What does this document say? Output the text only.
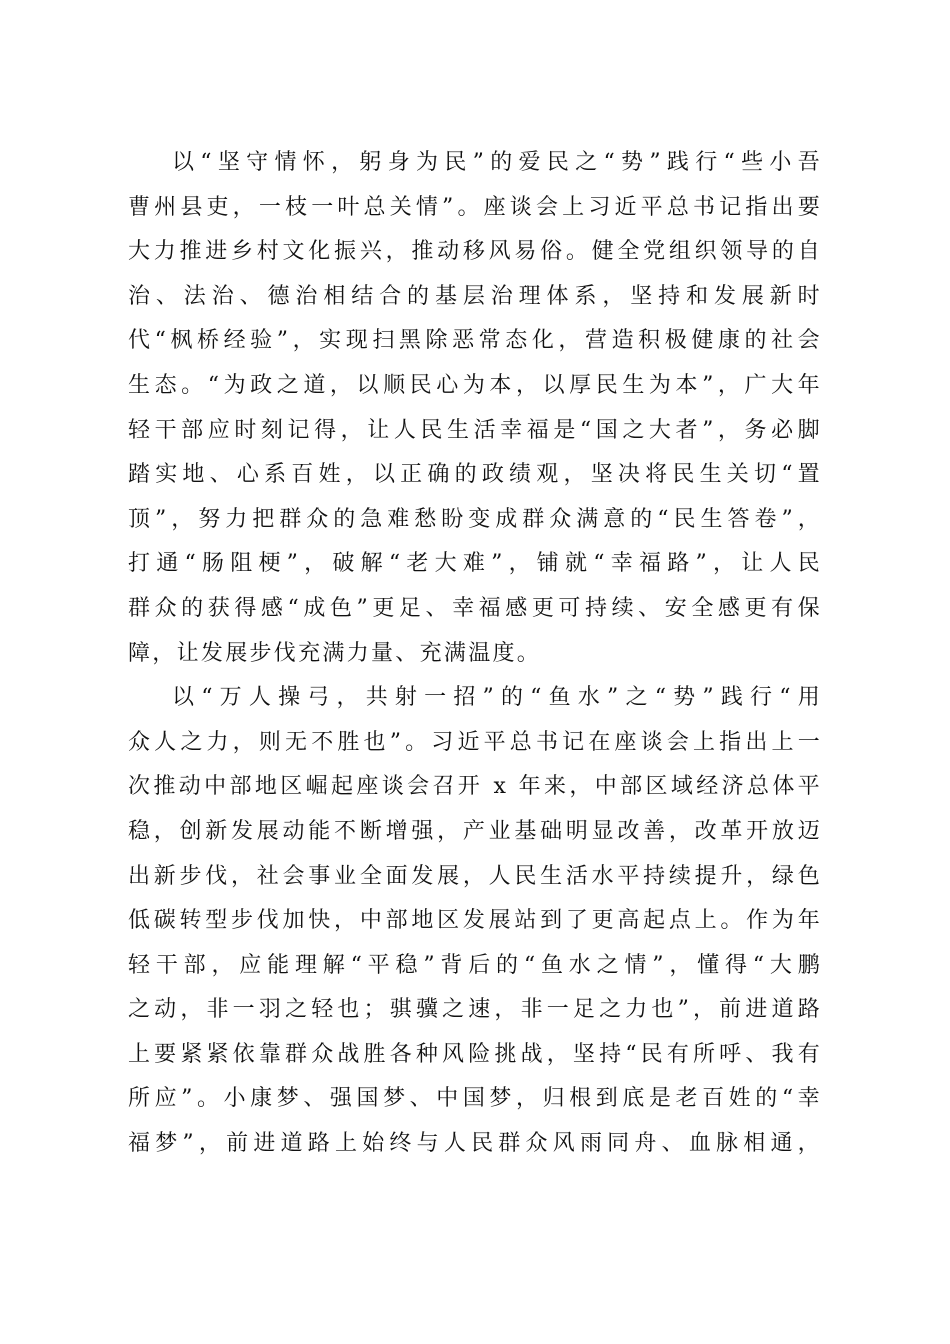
以“坚守情怀，躬身为民”的爱民之“势”践行“些小吾
曹州县吏，一枝一叶总关情”。座谈会上习近平总书记指出要
大力推进乡村文化振兴，推动移风易俗。健全党组织领导的自
治、法治、德治相结合的基层治理体系，坚持和发展新时
代“枫桥经验”，实现扫黑除恶常态化，营造积极健康的社会
生态。“为政之道，以顺民心为本，以厚民生为本”，广大年
轻干部应时刻记得，让人民生活幸福是“国之大者”，务必脚
踏实地、心系百姓，以正确的政绩观，坚决将民生关切“置
顶”，努力把群众的急难愁盼变成群众满意的“民生答卷”，
打通“肠阻梗”，破解“老大难”，铺就“幸福路”，让人民
群众的获得感“成色”更足、幸福感更可持续、安全感更有保
障，让发展步伐充满力量、充满温度。
以“万人操弓，共射一招”的“鱼水”之“势”践行“用
众人之力，则无不胜也”。习近平总书记在座谈会上指出上一
次推动中部地区崛起座谈会召开 x 年来，中部区域经济总体平
稳，创新发展动能不断增强，产业基础明显改善，改革开放迈
出新步伐，社会事业全面发展，人民生活水平持续提升，绿色
低碳转型步伐加快，中部地区发展站到了更高起点上。作为年
轻干部，应能理解“平稳”背后的“鱼水之情”，懂得“大鹏
之动，非一羽之轻也；骐骥之速，非一足之力也”，前进道路
上要紧紧依靠群众战胜各种风险挑战，坚持“民有所呼、我有
所应”。小康梦、强国梦、中国梦，归根到底是老百姓的“幸
福梦”，前进道路上始终与人民群众风雨同舟、血脉相通，
